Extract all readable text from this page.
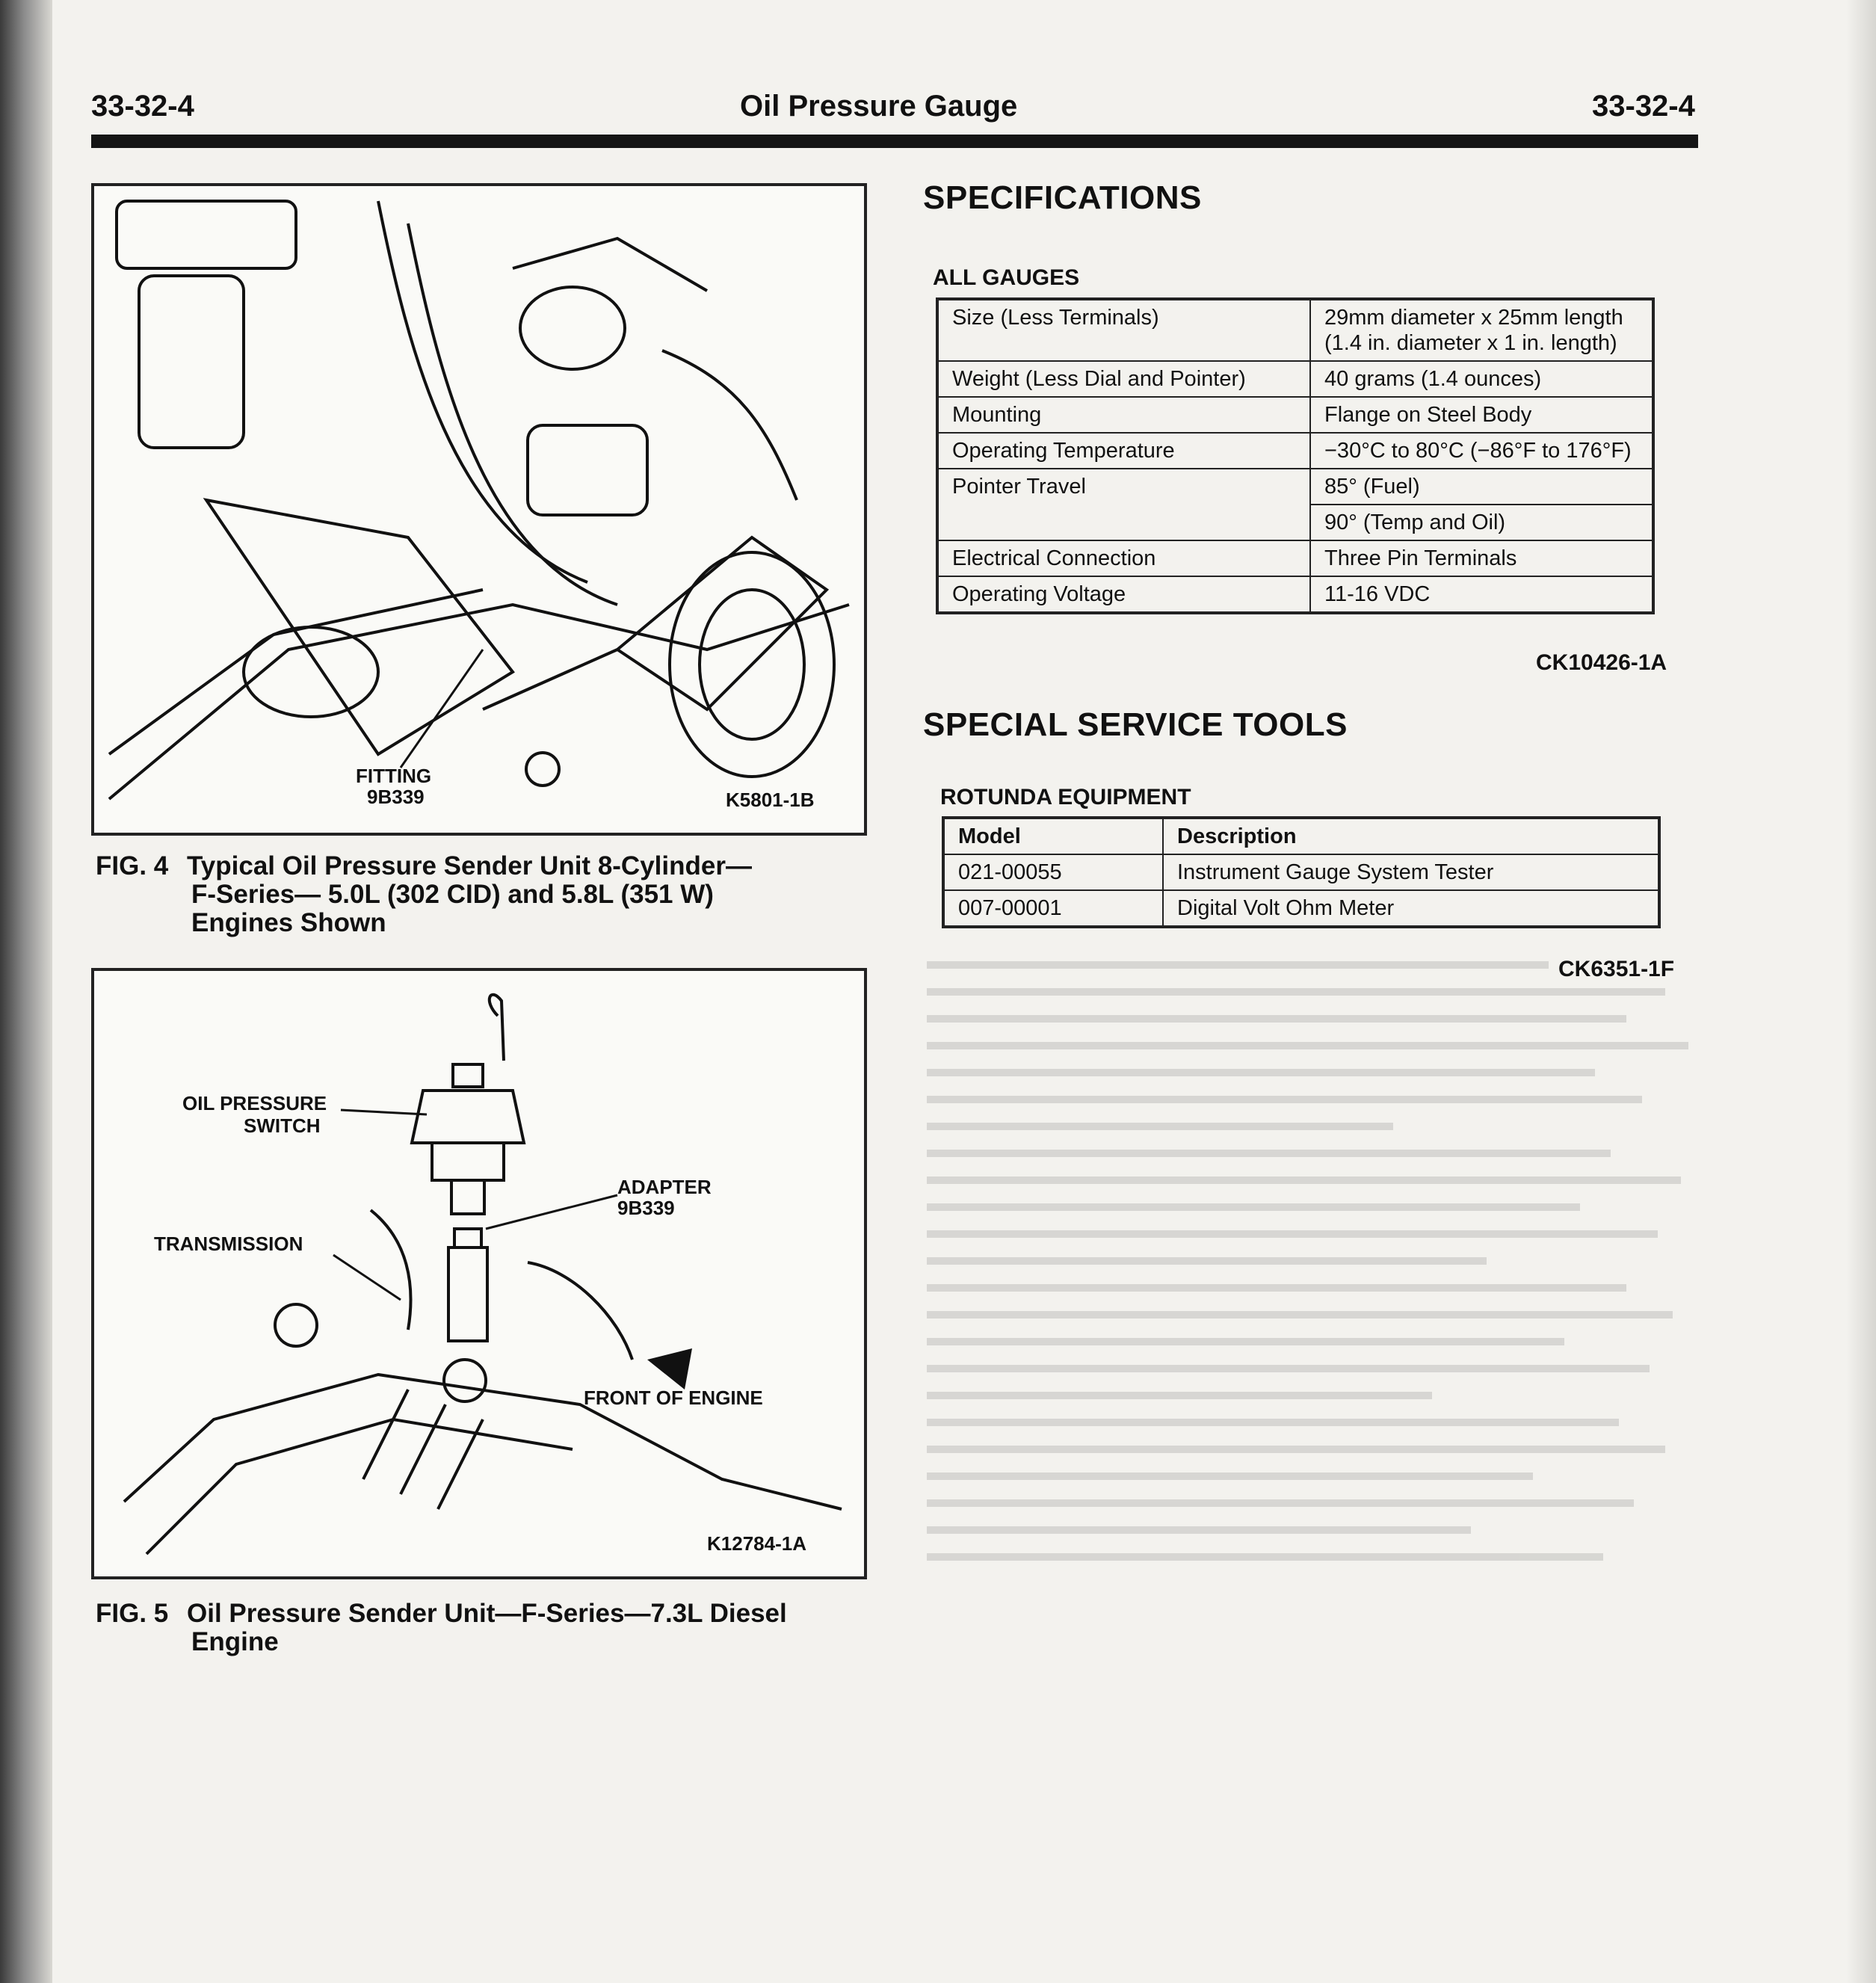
33-32-4	Oil Pressure Gauge	33-32-4
FITTING
9B339	K5801-1B
FIG. 4 Typical Oil Pressure Sender Unit 8-Cylinder—
F-Series— 5.0L (302 CID) and 5.8L (351 W)
Engines Shown
OIL PRESSURE
SWITCH
ADAPTER
9B339
TRANSMISSION
FRONT OF ENGINE
K12784-1A
FIG. 5 Oil Pressure Sender Unit—F-Series—7.3L Diesel
Engine
SPECIFICATIONS
ALL GAUGES
Size (Less Terminals)	29mm diameter x 25mm length
(1.4 in. diameter x 1 in. length)

Weight (Less Dial and Pointer)	40 grams (1.4 ounces)
Mounting	Flange on Steel Body
Operating Temperature	−30°C to 80°C (−86°F to 176°F)
Pointer Travel	85° (Fuel)
	90° (Temp and Oil)
Electrical Connection	Three Pin Terminals
Operating Voltage	11-16 VDC
CK10426-1A
SPECIAL SERVICE TOOLS
ROTUNDA EQUIPMENT
Model	Description
021-00055	Instrument Gauge System Tester
007-00001	Digital Volt Ohm Meter
CK6351-1F
